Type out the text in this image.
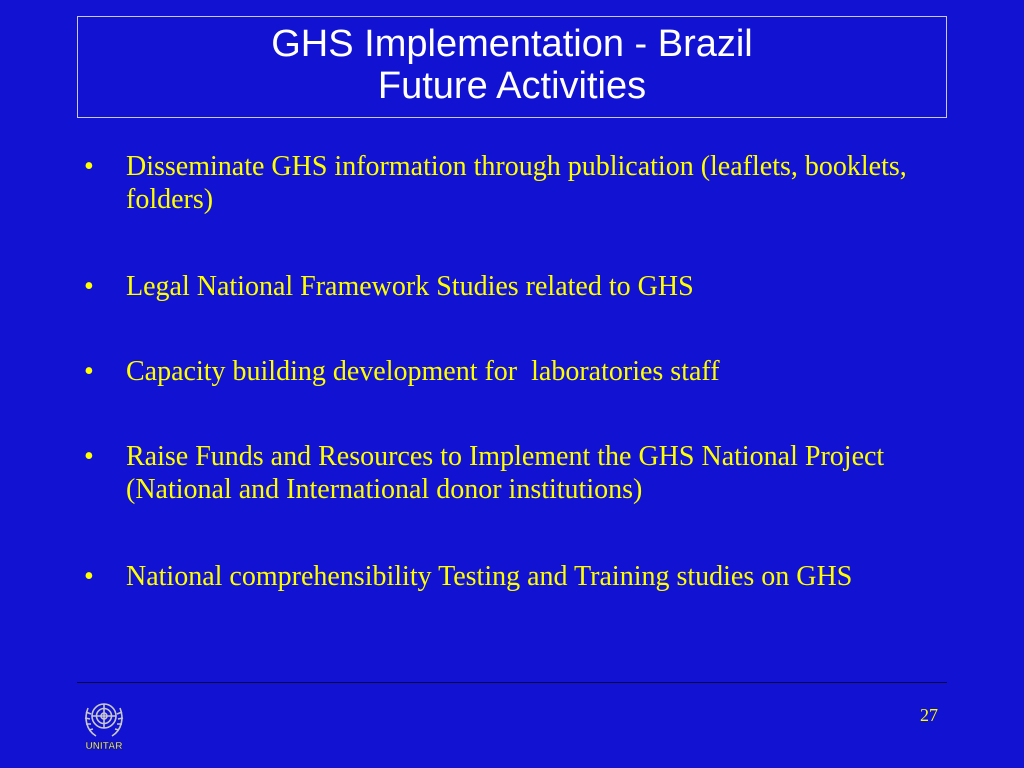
GHS Implementation - Brazil
Future Activities
•	Disseminate GHS information through publication (leaflets, booklets, folders)
•	Legal National Framework Studies related to GHS
•	Capacity building development for  laboratories staff
•	Raise Funds and Resources to Implement the GHS National Project (National and International donor institutions)
•	National comprehensibility Testing and Training studies on GHS
UNITAR
27
